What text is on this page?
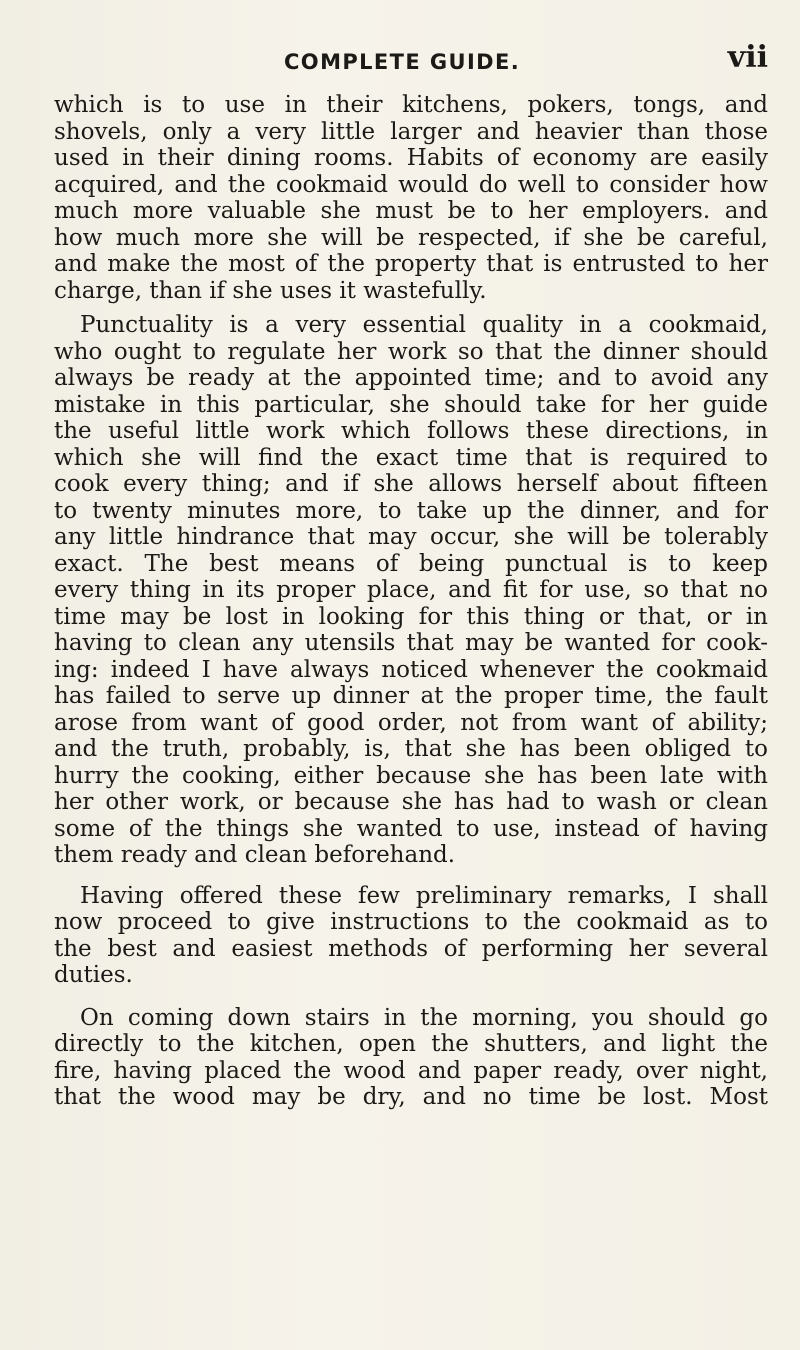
COMPLETE GUIDE.	vii
which is to use in their kitchens, pokers, tongs, and
shovels, only a very little larger and heavier than those
used in their dining rooms. Habits of economy are easily
acquired, and the cookmaid would do well to consider how
much more valuable she must be to her employers. and
how much more she will be respected, if she be careful,
and make the most of the property that is entrusted to her
charge, than if she uses it wastefully.
Punctuality is a very essential quality in a cookmaid,
who ought to regulate her work so that the dinner should
always be ready at the appointed time; and to avoid any
mistake in this particular, she should take for her guide
the useful little work which follows these directions, in
which she will find the exact time that is required to
cook every thing; and if she allows herself about fifteen
to twenty minutes more, to take up the dinner, and for
any little hindrance that may occur, she will be tolerably
exact. The best means of being punctual is to keep
every thing in its proper place, and fit for use, so that no
time may be lost in looking for this thing or that, or in
having to clean any utensils that may be wanted for cook-
ing: indeed I have always noticed whenever the cookmaid
has failed to serve up dinner at the proper time, the fault
arose from want of good order, not from want of ability;
and the truth, probably, is, that she has been obliged to
hurry the cooking, either because she has been late with
her other work, or because she has had to wash or clean
some of the things she wanted to use, instead of having
them ready and clean beforehand.
Having offered these few preliminary remarks, I shall
now proceed to give instructions to the cookmaid as to
the best and easiest methods of performing her several
duties.
On coming down stairs in the morning, you should go
directly to the kitchen, open the shutters, and light the
fire, having placed the wood and paper ready, over night,
that the wood may be dry, and no time be lost. Most
